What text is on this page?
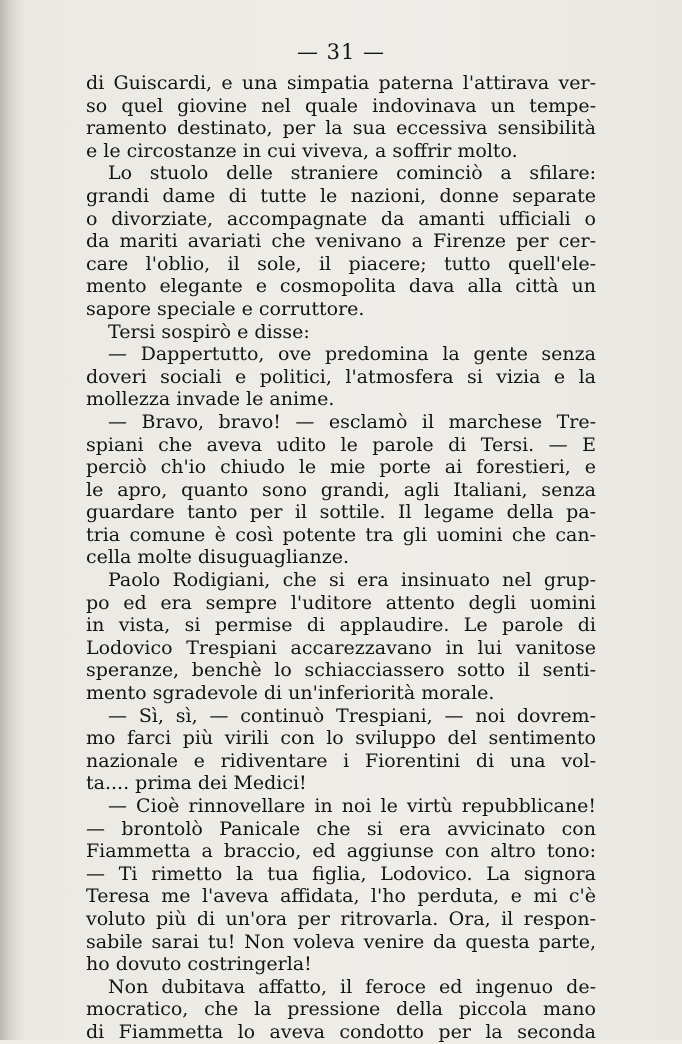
— 31 —
di Guiscardi, e una simpatia paterna l'attirava ver-
so quel giovine nel quale indovinava un tempe-
ramento destinato, per la sua eccessiva sensibilità
e le circostanze in cui viveva, a soffrir molto.
Lo stuolo delle straniere cominciò a sfilare:
grandi dame di tutte le nazioni, donne separate
o divorziate, accompagnate da amanti ufficiali o
da mariti avariati che venivano a Firenze per cer-
care l'oblio, il sole, il piacere; tutto quell'ele-
mento elegante e cosmopolita dava alla città un
sapore speciale e corruttore.
Tersi sospirò e disse:
— Dappertutto, ove predomina la gente senza
doveri sociali e politici, l'atmosfera si vizia e la
mollezza invade le anime.
— Bravo, bravo! — esclamò il marchese Tre-
spiani che aveva udito le parole di Tersi. — E
perciò ch'io chiudo le mie porte ai forestieri, e
le apro, quanto sono grandi, agli Italiani, senza
guardare tanto per il sottile. Il legame della pa-
tria comune è così potente tra gli uomini che can-
cella molte disuguaglianze.
Paolo Rodigiani, che si era insinuato nel grup-
po ed era sempre l'uditore attento degli uomini
in vista, si permise di applaudire. Le parole di
Lodovico Trespiani accarezzavano in lui vanitose
speranze, benchè lo schiacciassero sotto il senti-
mento sgradevole di un'inferiorità morale.
— Sì, sì, — continuò Trespiani, — noi dovrem-
mo farci più virili con lo sviluppo del sentimento
nazionale e ridiventare i Fiorentini di una vol-
ta.... prima dei Medici!
— Cioè rinnovellare in noi le virtù repubblicane!
— brontolò Panicale che si era avvicinato con
Fiammetta a braccio, ed aggiunse con altro tono:
— Ti rimetto la tua figlia, Lodovico. La signora
Teresa me l'aveva affidata, l'ho perduta, e mi c'è
voluto più di un'ora per ritrovarla. Ora, il respon-
sabile sarai tu! Non voleva venire da questa parte,
ho dovuto costringerla!
Non dubitava affatto, il feroce ed ingenuo de-
mocratico, che la pressione della piccola mano
di Fiammetta lo aveva condotto per la seconda
